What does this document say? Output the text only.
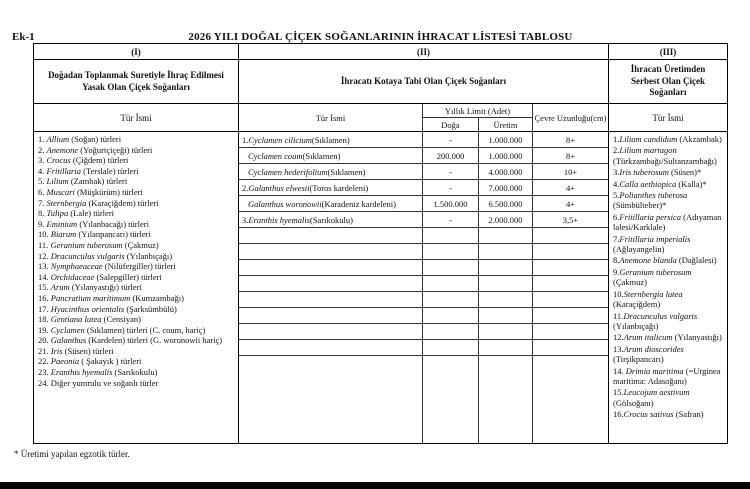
Ek-1	2026 YILI DOĞAL ÇİÇEK SOĞANLARININ İHRACAT LİSTESİ TABLOSU
(I)
Doğadan Toplanmak Suretiyle İhraç Edilmesi Yasak Olan Çiçek Soğanları
Tür İsmi
1. Allium (Soğan) türleri
2. Anemone (Yoğurtçiçeği) türleri
3. Crocus (Çiğdem) türleri
4. Fritillaria (Terslale) türleri
5. Lilium (Zambak) türleri
6. Muscari (Müşkürüm) türleri
7. Sternbergia (Karaçiğdem) türleri
8. Tulipa (Lale) türleri
9. Eminium (Yılanbacağı) türleri
10. Biarum (Yılanpancarı) türleri
11. Geranium tuberosum (Çakmuz)
12. Dracunculus vulgaris (Yılanbıçağı)
13. Nymphaeaceae (Nilüfergiller) türleri
14. Orchidaceae (Salepgiller) türleri
15. Arum (Yılanyastığı) türleri
16. Pancratium maritimum (Kumzambağı)
17. Hyacinthus orientalis (Şarksümbülü)
18. Gentiana lutea (Censiyan)
19. Cyclamen (Sıklamen) türleri (C. coum, hariç)
20. Galanthus (Kardelen) türleri (G. woronowii hariç)
21. Iris (Süsen) türleri
22. Paeonia ( Şakayık ) türleri
23. Eranthis hyemalis (Sarıkokulu)
24. Diğer yumrulu ve soğanlı türler
(II)
İhracatı Kotaya Tabi Olan Çiçek Soğanları
Tür İsmi
Yıllık Limit (Adet)
Doğa	Üretim
Çevre Uzunluğu(cm)
1. Cyclamen cilicium (Sıklamen)	-	1.000.000	8+
Cyclamen coum (Sıklamen)	200.000	1.000.000	8+
Cyclamen hederifolium (Sıklamen)	-	4.000.000	10+
2. Galanthus elwesii (Toros kardeleni)	-	7.000.000	4+
Galanthus woronowii (Karadeniz kardeleni)	1.500.000	6.500.000	4+
3. Eranthis hyemalis (Sarıkokulu)	-	2.000.000	3,5+
(III)
İhracatı Üretimden Serbest Olan Çiçek Soğanları
Tür İsmi
1.Lilium candidum (Akzambak)
2.Lilium martagon (Türkzambağı/Sultanzambağı)
3.Iris tuberosum (Süsen)*
4.Calla aethiopica (Kalla)*
5.Polianthes tuberosa (Sümbülteber)*
6.Fritillaria persica (Adıyaman lalesi/Karklale)
7.Fritillaria imperialis (Ağlayangelin)
8.Anemone blanda (Dağlalesi)
9.Geranium tuberosum (Çakmuz)
10.Sternbergia lutea (Karaçiğdem)
11.Dracunculus vulgaris (Yılanbıçağı)
12.Arum italicum (Yılanyastığı)
13.Arum dioscorides (Tirşikpancarı)
14. Drimia maritima (=Urginea maritima: Adasoğanı)
15.Leucojum aestivum (Gölsoğanı)
16.Crocus sativus (Safran)
* Üretimi yapılan egzotik türler.
